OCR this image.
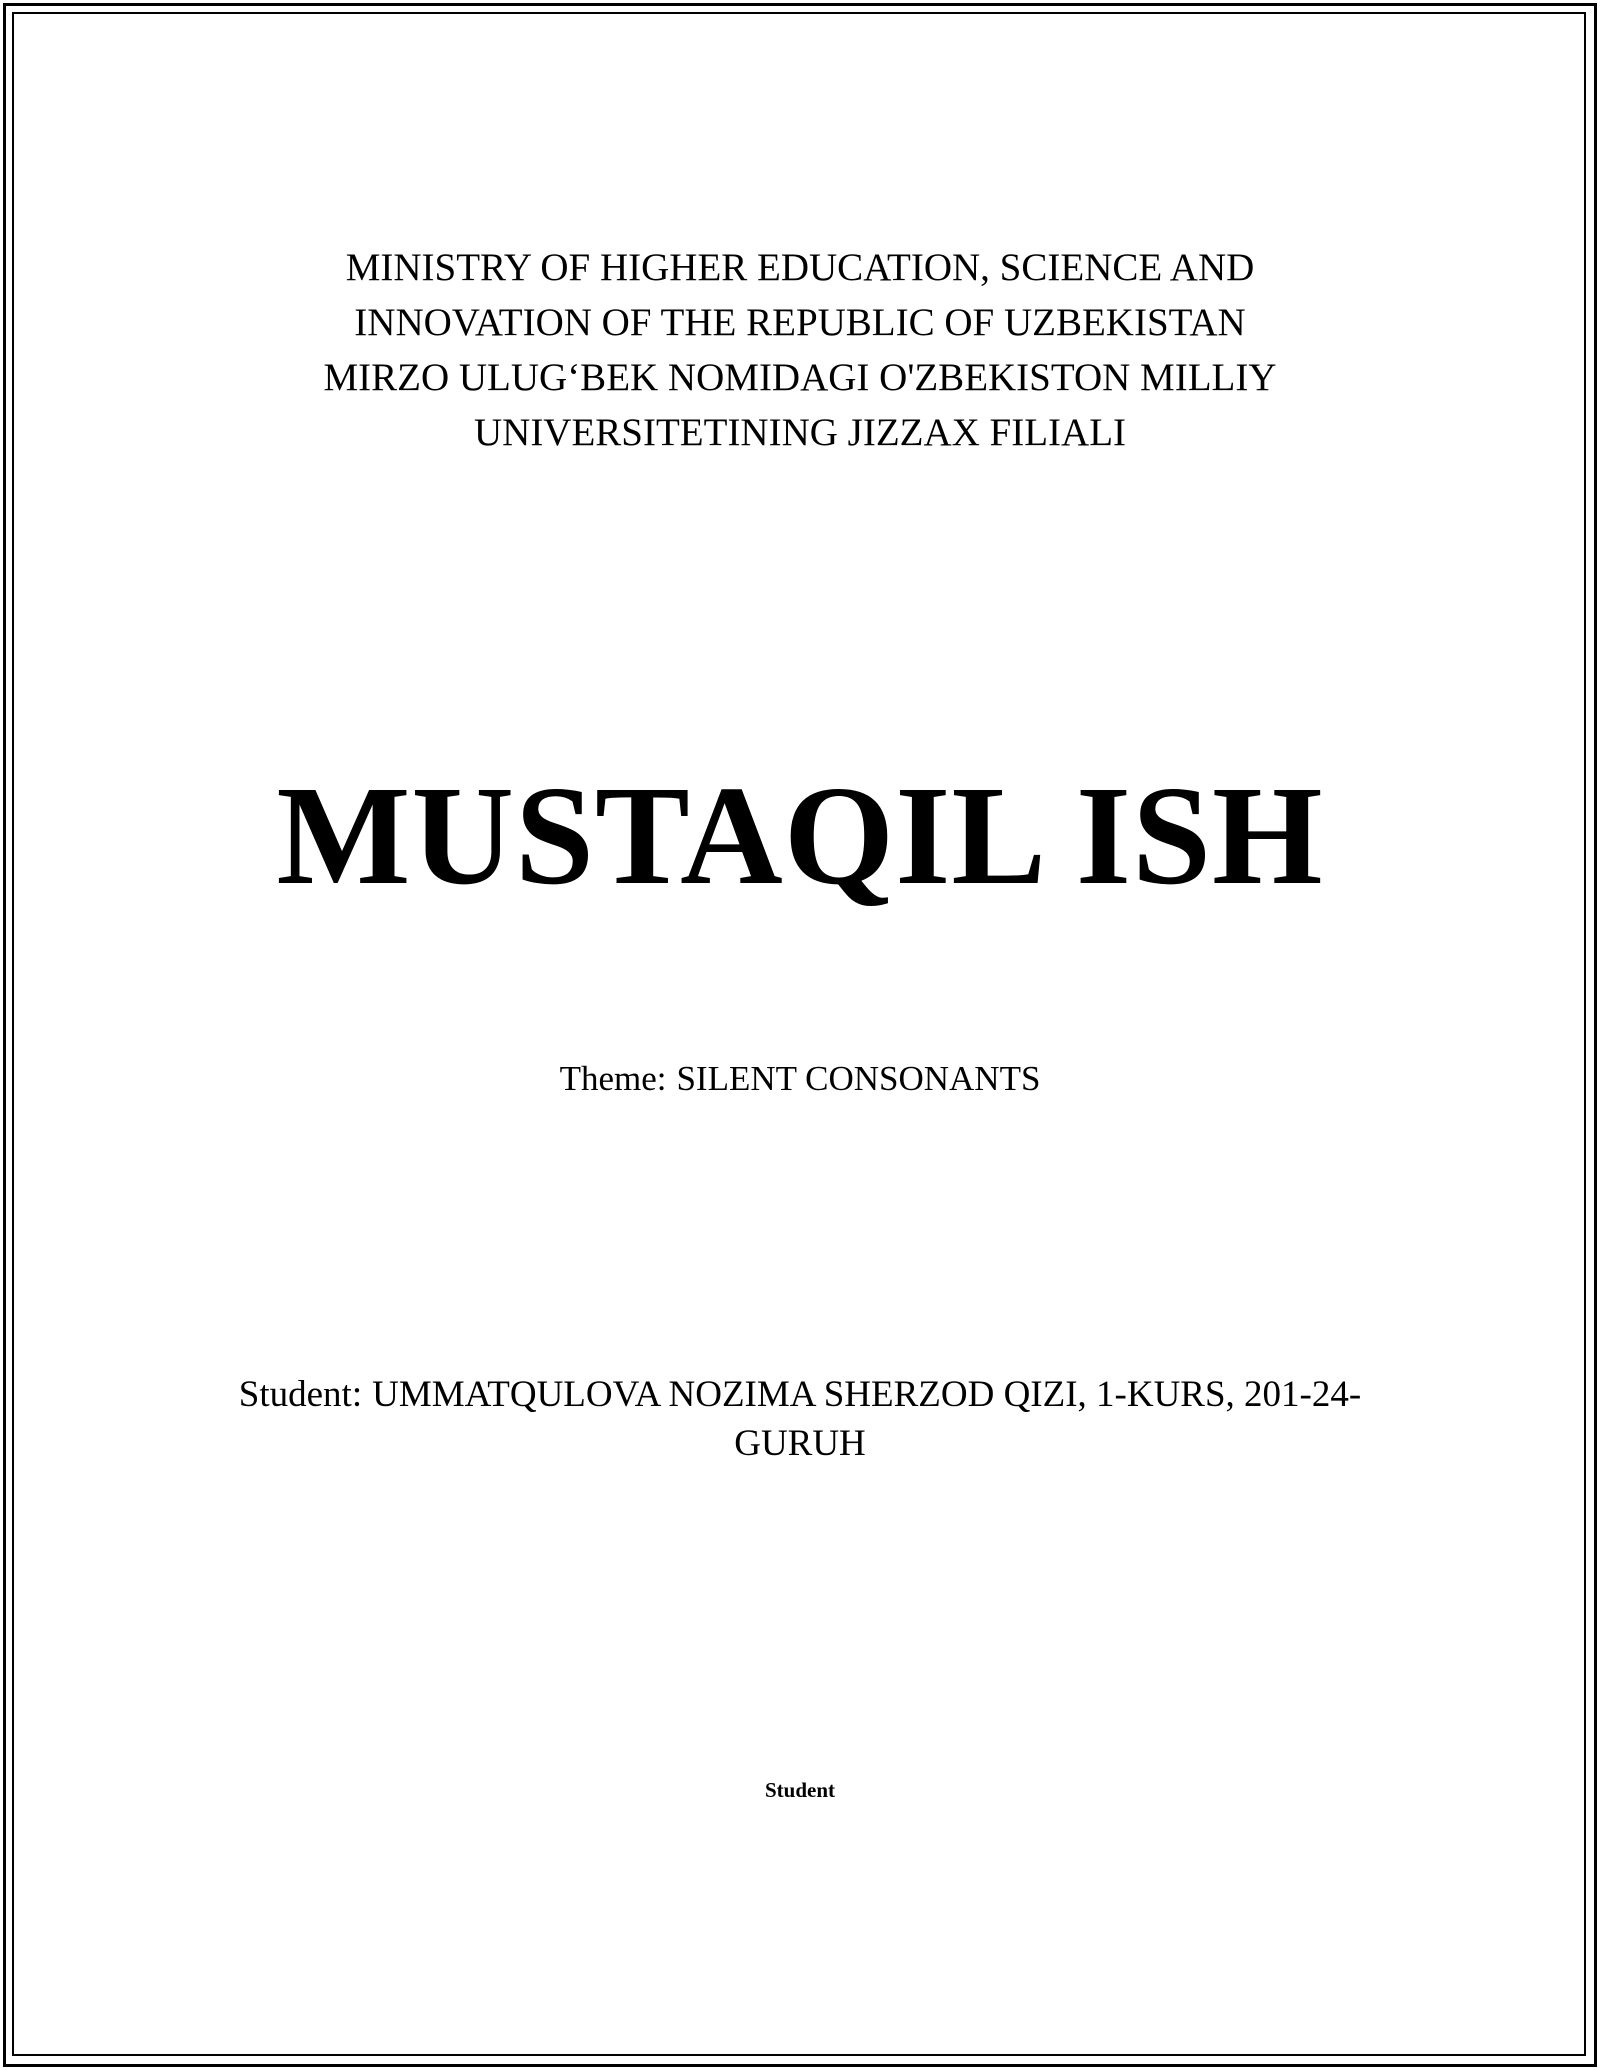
MINISTRY OF HIGHER EDUCATION, SCIENCE AND
INNOVATION OF THE REPUBLIC OF UZBEKISTAN
MIRZO ULUG‘BEK NOMIDAGI O'ZBEKISTON MILLIY
UNIVERSITETINING JIZZAX FILIALI
MUSTAQIL ISH
Theme: SILENT CONSONANTS
Student: UMMATQULOVA NOZIMA SHERZOD QIZI, 1-KURS, 201-24-GURUH
Student
